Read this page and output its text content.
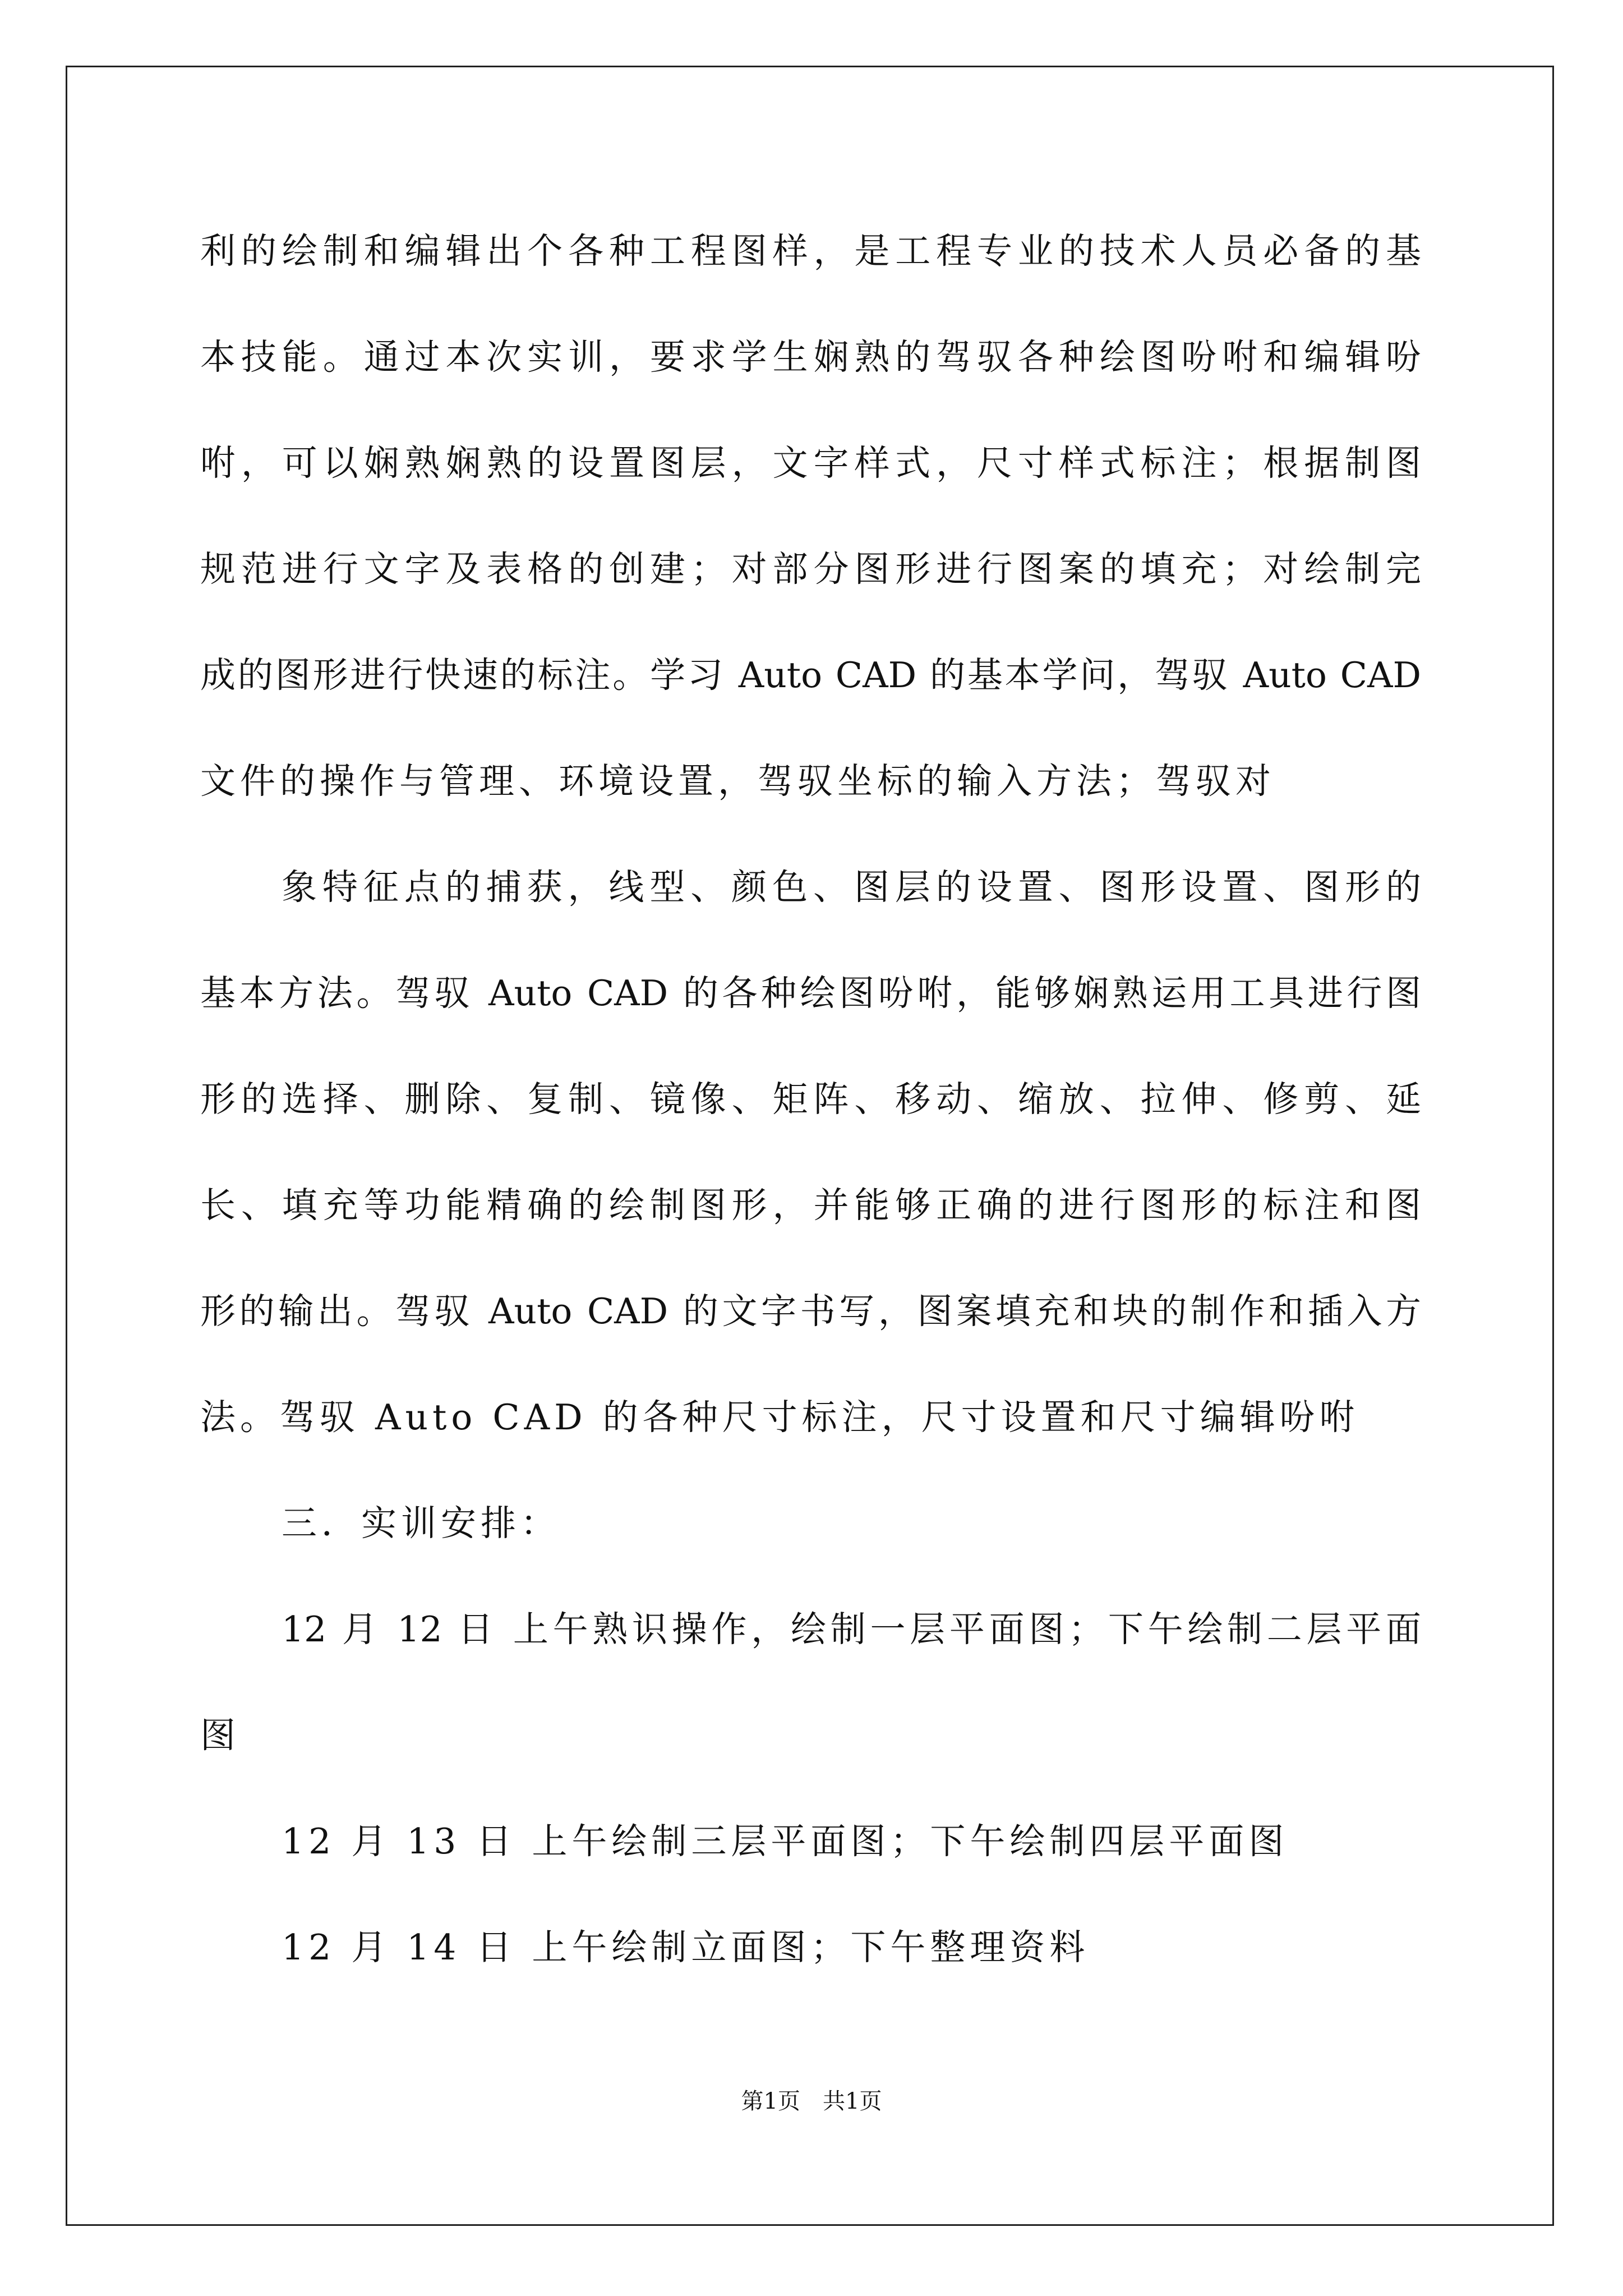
利的绘制和编辑出个各种工程图样，是工程专业的技术人员必备的基
本技能。通过本次实训，要求学生娴熟的驾驭各种绘图吩咐和编辑吩
咐，可以娴熟娴熟的设置图层，文字样式，尺寸样式标注；根据制图
规范进行文字及表格的创建；对部分图形进行图案的填充；对绘制完
成的图形进行快速的标注。学习 Auto CAD 的基本学问，驾驭 Auto CAD
文件的操作与管理、环境设置，驾驭坐标的输入方法；驾驭对
象特征点的捕获，线型、颜色、图层的设置、图形设置、图形的
基本方法。驾驭 Auto CAD 的各种绘图吩咐，能够娴熟运用工具进行图
形的选择、删除、复制、镜像、矩阵、移动、缩放、拉伸、修剪、延
长、填充等功能精确的绘制图形，并能够正确的进行图形的标注和图
形的输出。驾驭 Auto CAD 的文字书写，图案填充和块的制作和插入方
法。驾驭 Auto CAD 的各种尺寸标注，尺寸设置和尺寸编辑吩咐
三．实训安排：
12 月 12 日 上午熟识操作，绘制一层平面图；下午绘制二层平面
图
12 月 13 日 上午绘制三层平面图；下午绘制四层平面图
12 月 14 日 上午绘制立面图；下午整理资料
第1页　共1页
